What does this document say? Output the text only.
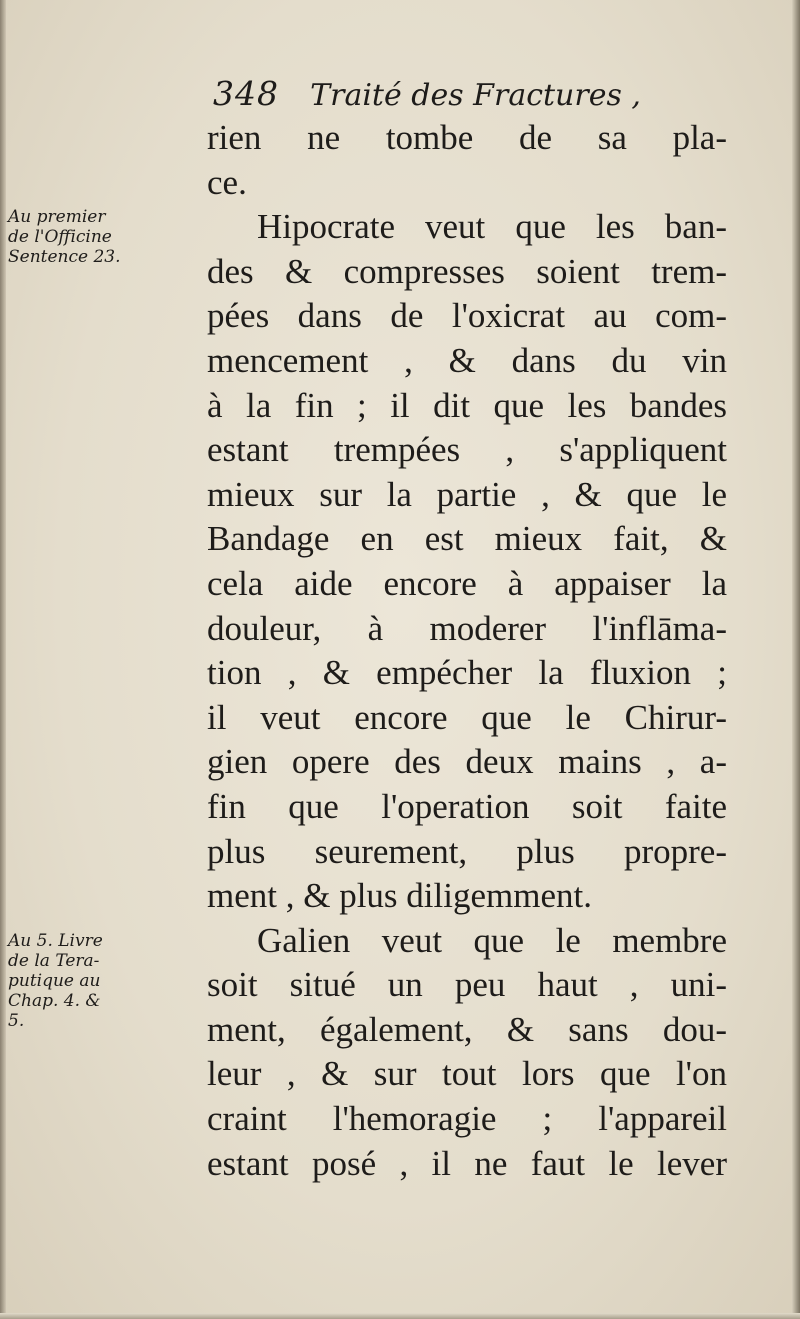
348 Traité des Fractures ,
Au premier
de l'Officine
Sentence 23.
Au 5. Livre
de la Tera-
putique au
Chap. 4. &
5.
rien ne tombe de sa pla-
ce.
Hipocrate veut que les ban-
des & compresses soient trem-
pées dans de l'oxicrat au com-
mencement , & dans du vin
à la fin ; il dit que les bandes
estant trempées , s'appliquent
mieux sur la partie , & que le
Bandage en est mieux fait, &
cela aide encore à appaiser la
douleur, à moderer l'inflāma-
tion , & empécher la fluxion ;
il veut encore que le Chirur-
gien opere des deux mains , a-
fin que l'operation soit faite
plus seurement, plus propre-
ment , & plus diligemment.
Galien veut que le membre
soit situé un peu haut , uni-
ment, également, & sans dou-
leur , & sur tout lors que l'on
craint l'hemoragie ; l'appareil
estant posé , il ne faut le lever
